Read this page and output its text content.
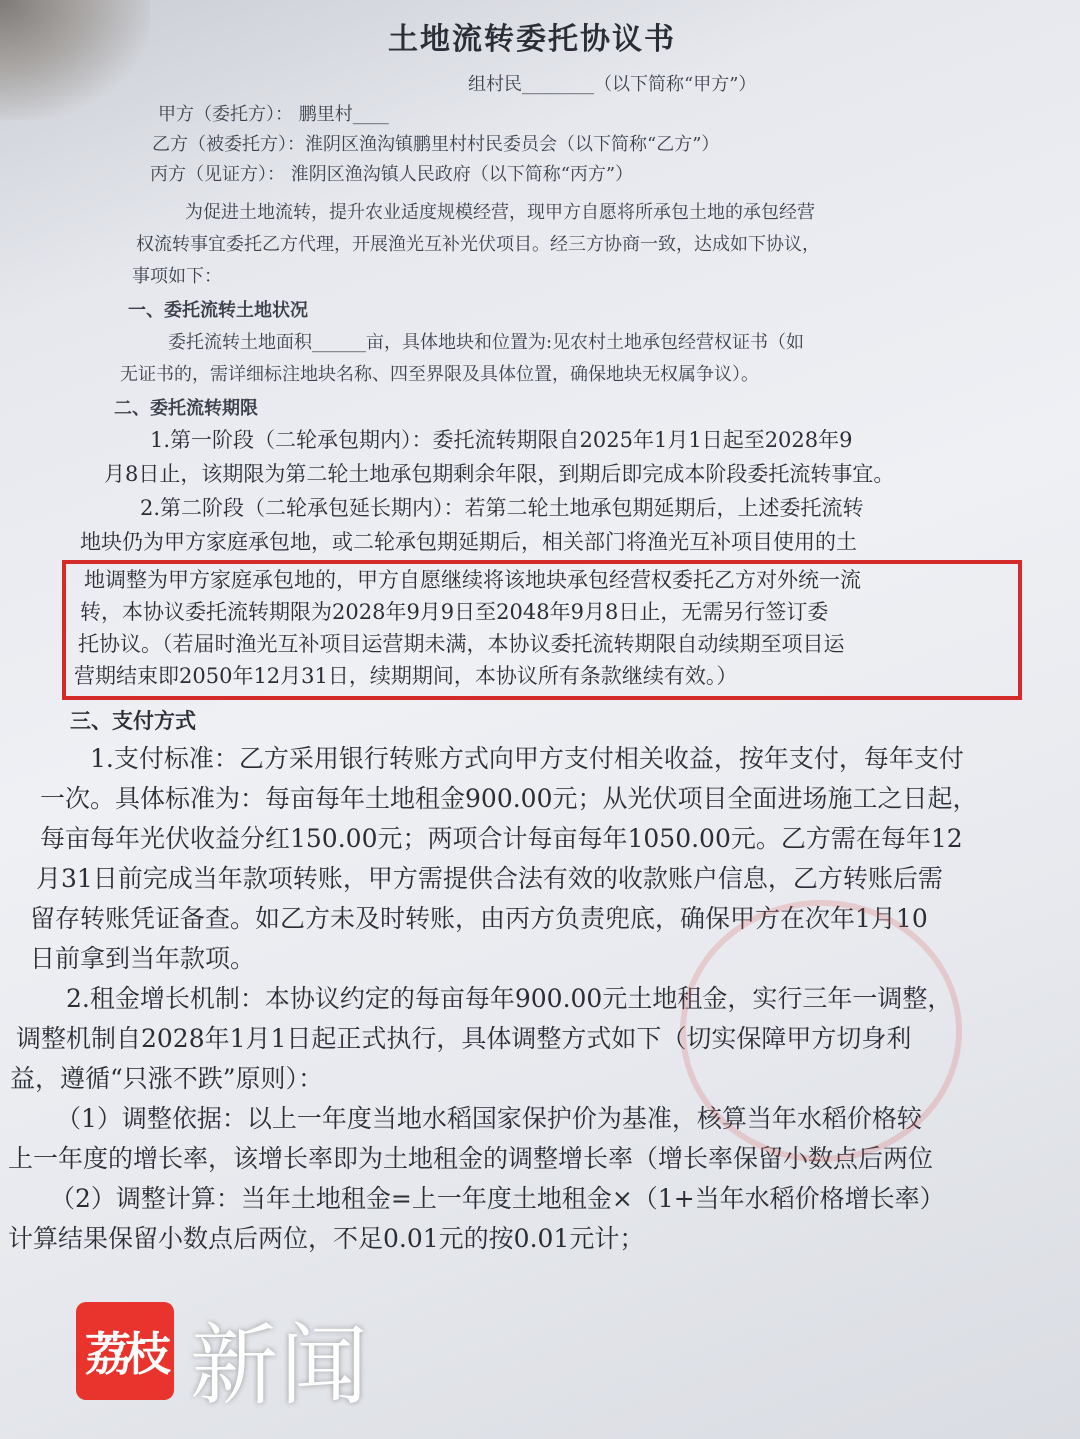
土地流转委托协议书
组村民________（以下简称“甲方”）
甲方（委托方）： 鹏里村____
乙方（被委托方）：淮阴区渔沟镇鹏里村村民委员会（以下简称“乙方”）
丙方（见证方）： 淮阴区渔沟镇人民政府（以下简称“丙方”）
为促进土地流转，提升农业适度规模经营，现甲方自愿将所承包土地的承包经营
权流转事宜委托乙方代理，开展渔光互补光伏项目。经三方协商一致，达成如下协议，
事项如下：
一、委托流转土地状况
委托流转土地面积______亩，具体地块和位置为:见农村土地承包经营权证书（如
无证书的，需详细标注地块名称、四至界限及具体位置，确保地块无权属争议）。
二、委托流转期限
1.第一阶段（二轮承包期内）：委托流转期限自2025年1月1日起至2028年9
月8日止，该期限为第二轮土地承包期剩余年限，到期后即完成本阶段委托流转事宜。
2.第二阶段（二轮承包延长期内）：若第二轮土地承包期延期后，上述委托流转
地块仍为甲方家庭承包地，或二轮承包期延期后，相关部门将渔光互补项目使用的土
地调整为甲方家庭承包地的，甲方自愿继续将该地块承包经营权委托乙方对外统一流
转，本协议委托流转期限为2028年9月9日至2048年9月8日止，无需另行签订委
托协议。（若届时渔光互补项目运营期未满，本协议委托流转期限自动续期至项目运
营期结束即2050年12月31日，续期期间，本协议所有条款继续有效。）
三、支付方式
1.支付标准：乙方采用银行转账方式向甲方支付相关收益，按年支付，每年支付
一次。具体标准为：每亩每年土地租金900.00元；从光伏项目全面进场施工之日起，
每亩每年光伏收益分红150.00元；两项合计每亩每年1050.00元。乙方需在每年12
月31日前完成当年款项转账，甲方需提供合法有效的收款账户信息，乙方转账后需
留存转账凭证备查。如乙方未及时转账，由丙方负责兜底，确保甲方在次年1月10
日前拿到当年款项。
2.租金增长机制：本协议约定的每亩每年900.00元土地租金，实行三年一调整，
调整机制自2028年1月1日起正式执行，具体调整方式如下（切实保障甲方切身利
益，遵循“只涨不跌”原则）：
（1）调整依据：以上一年度当地水稻国家保护价为基准，核算当年水稻价格较
上一年度的增长率，该增长率即为土地租金的调整增长率（增长率保留小数点后两位
（2）调整计算：当年土地租金=上一年度土地租金×（1+当年水稻价格增长率）
计算结果保留小数点后两位，不足0.01元的按0.01元计；
荔枝 新闻
